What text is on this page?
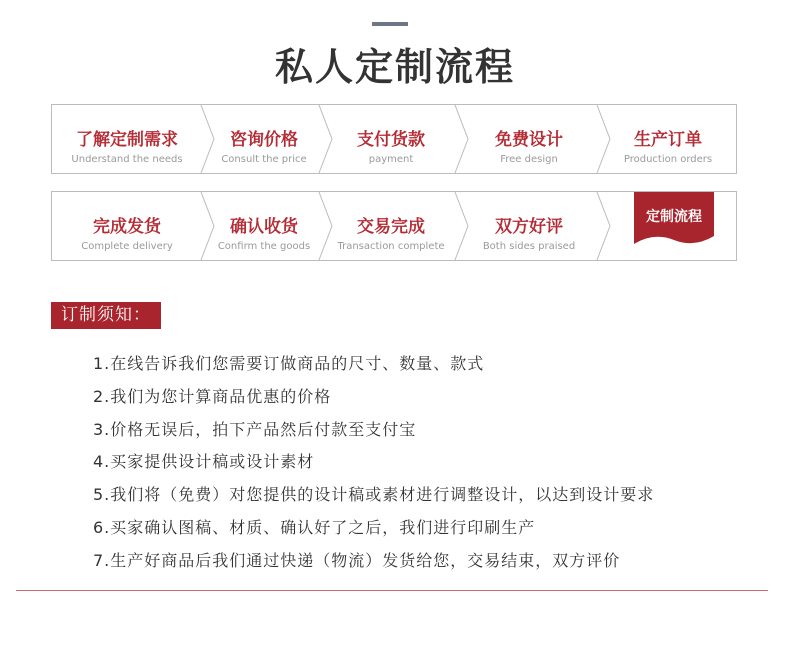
私人定制流程
了解定制需求
Understand the needs
咨询价格
Consult the price
支付货款
payment
免费设计
Free design
生产订单
Production orders
完成发货
Complete delivery
确认收货
Confirm the goods
交易完成
Transaction complete
双方好评
Both sides praised
定制流程
订制须知：
1.在线告诉我们您需要订做商品的尺寸、数量、款式
2.我们为您计算商品优惠的价格
3.价格无误后，拍下产品然后付款至支付宝
4.买家提供设计稿或设计素材
5.我们将（免费）对您提供的设计稿或素材进行调整设计，以达到设计要求
6.买家确认图稿、材质、确认好了之后，我们进行印刷生产
7.生产好商品后我们通过快递（物流）发货给您，交易结束，双方评价
